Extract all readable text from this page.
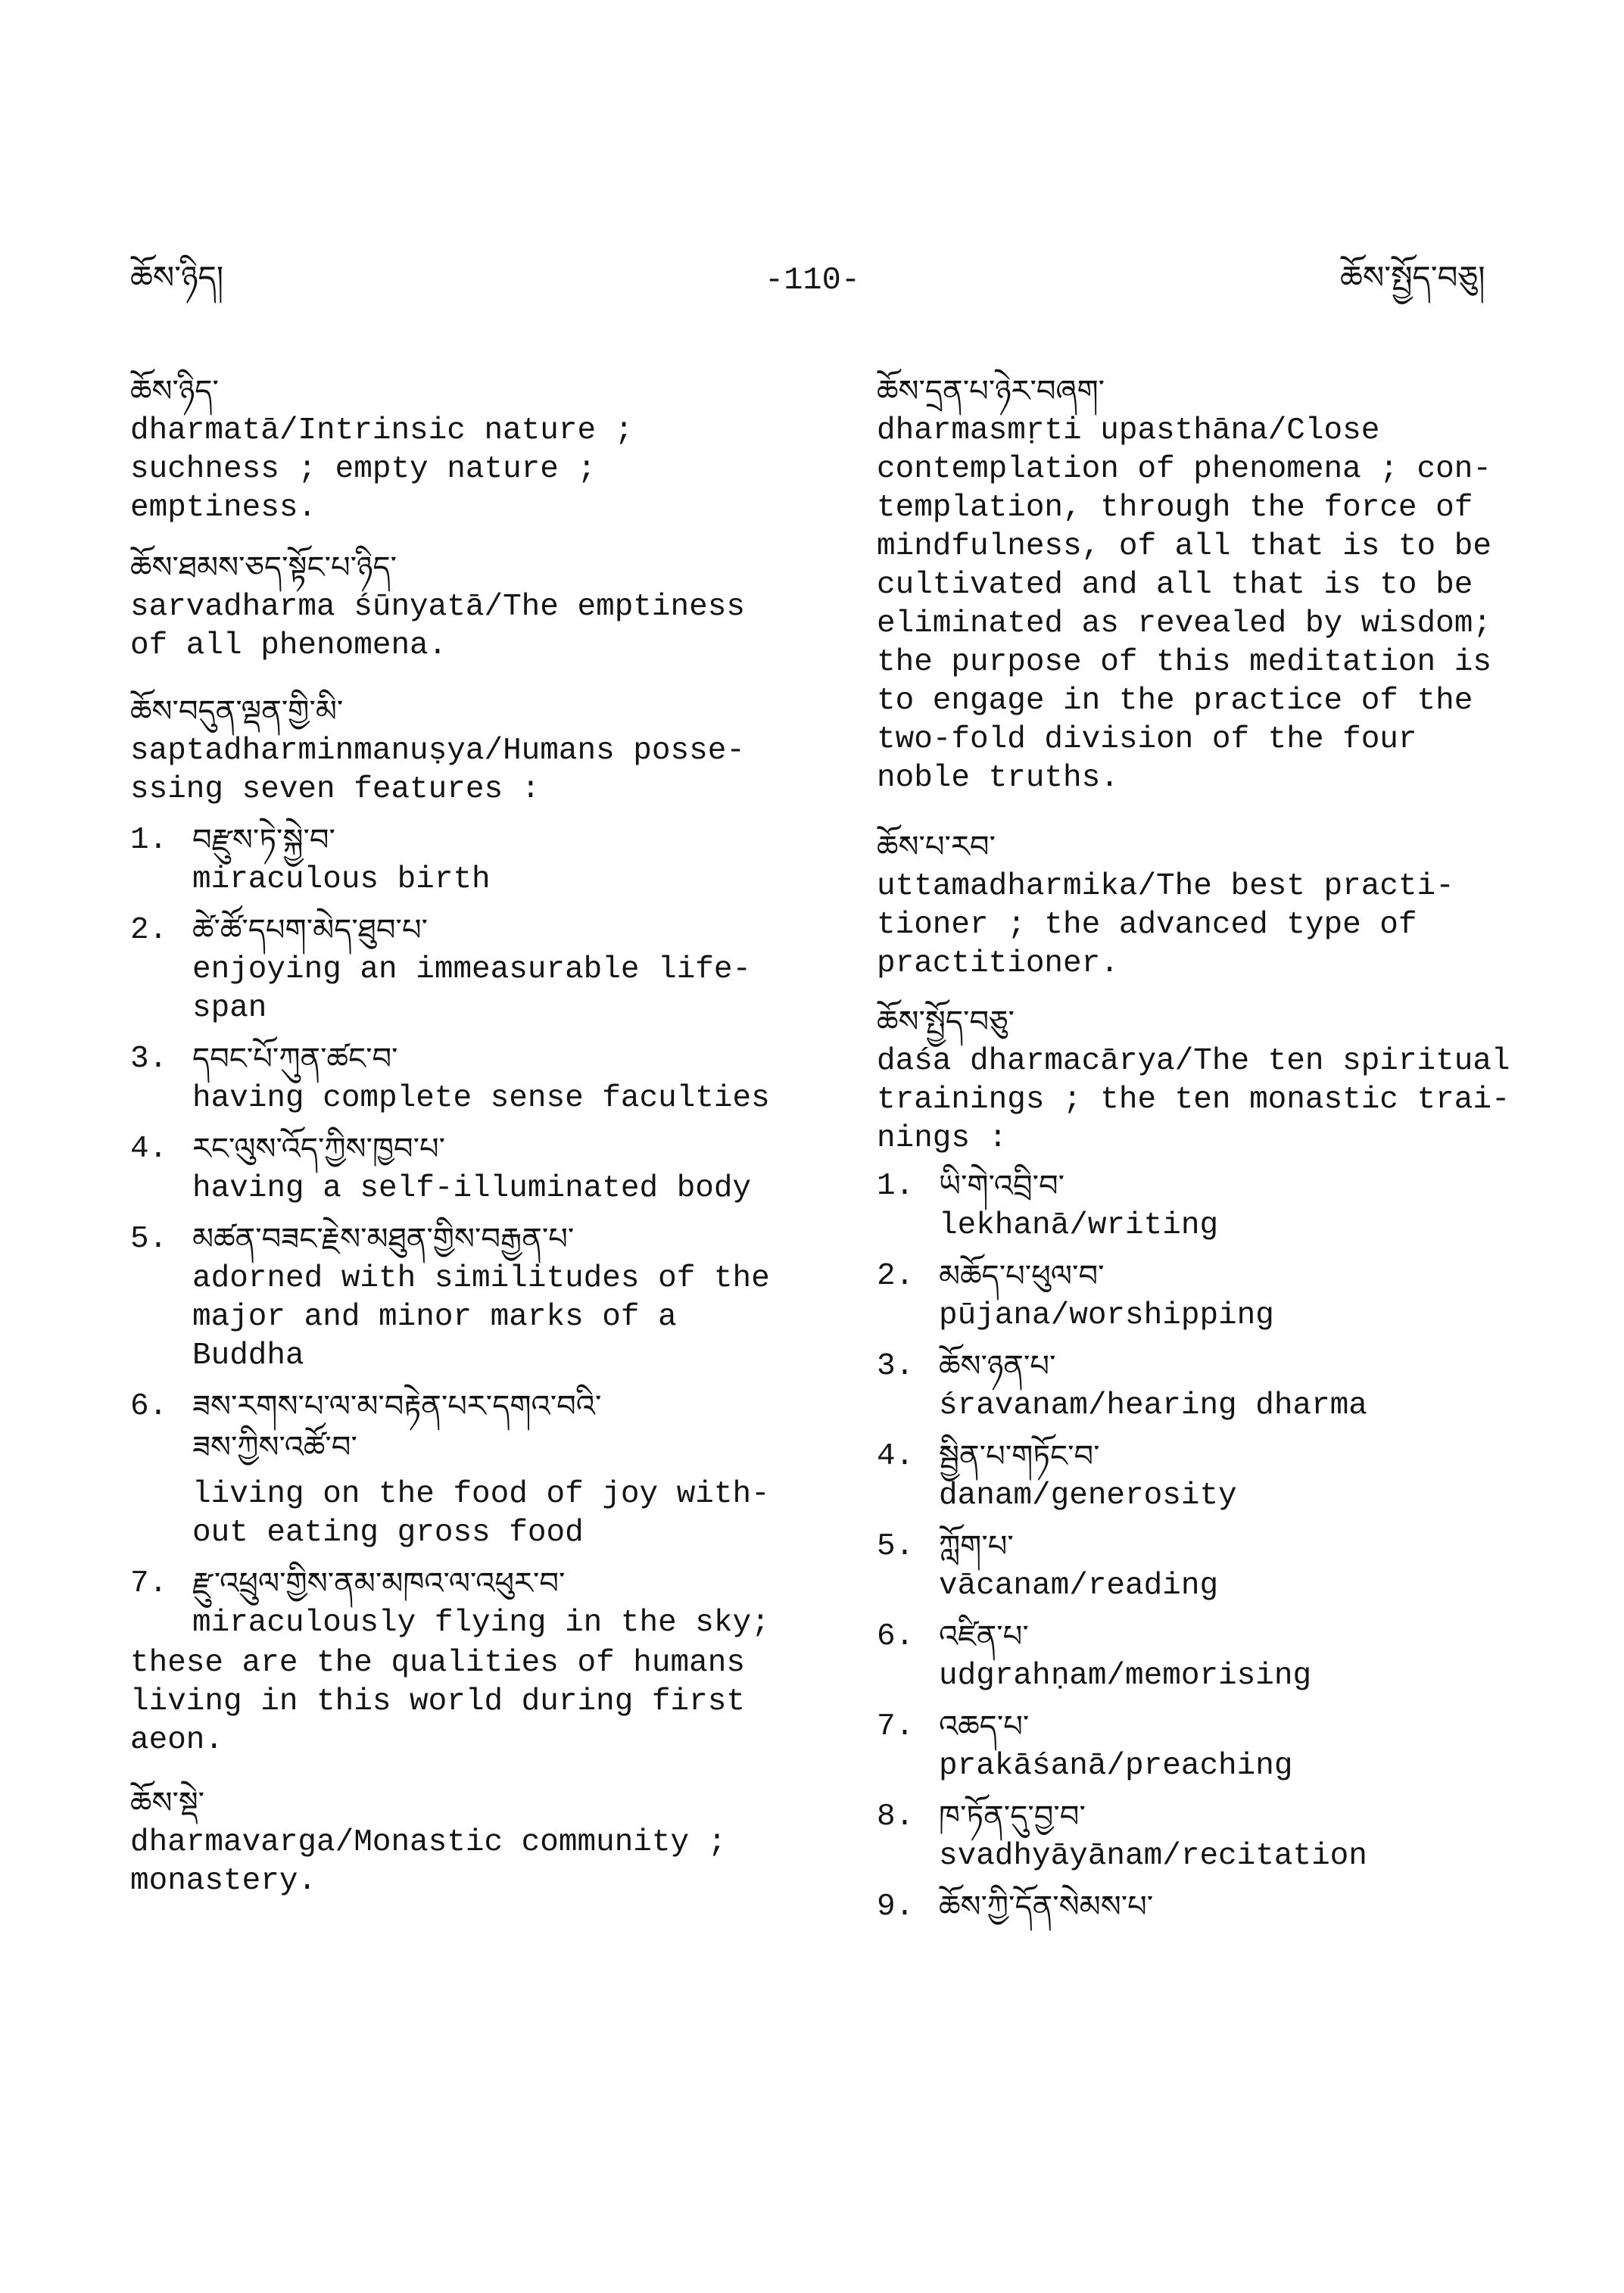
ཆོས་ཉིད།	-110-	ཆོས་སྤྱོད་བཅུ།
ཆོས་ཉིད་
dharmatā/Intrinsic nature ;
suchness ; empty nature ;
emptiness.
ཆོས་ཐམས་ཅད་སྟོང་པ་ཉིད་
sarvadharma śūnyatā/The emptiness
of all phenomena.
ཆོས་བདུན་ལྡན་གྱི་མི་
saptadharminmanuṣya/Humans posse-
ssing seven features :
1. བརྫུས་ཏེ་སྐྱེ་བ་
miraculous birth
2. ཚེ་ཚོ་དཔག་མེད་ཐུབ་པ་
enjoying an immeasurable life-
span
3. དབང་པོ་ཀུན་ཚང་བ་
having complete sense faculties
4. རང་ལུས་འོད་ཀྱིས་ཁྱབ་པ་
having a self-illuminated body
5. མཚན་བཟང་རྗེས་མཐུན་གྱིས་བརྒྱན་པ་
adorned with similitudes of the
major and minor marks of a
Buddha
6. ཟས་རགས་པ་ལ་མ་བརྟེན་པར་དགའ་བའི་
ཟས་ཀྱིས་འཚོ་བ་
living on the food of joy with-
out eating gross food
7. རྫུ་འཕྲུལ་གྱིས་ནམ་མཁའ་ལ་འཕུར་བ་
miraculously flying in the sky;
these are the qualities of humans
living in this world during first
aeon.
ཆོས་སྡེ་
dharmavarga/Monastic community ;
monastery.
ཆོས་དྲན་པ་ཉེར་བཞག་
dharmasmṛti upasthāna/Close
contemplation of phenomena ; con-
templation, through the force of
mindfulness, of all that is to be
cultivated and all that is to be
eliminated as revealed by wisdom;
the purpose of this meditation is
to engage in the practice of the
two-fold division of the four
noble truths.
ཆོས་པ་རབ་
uttamadharmika/The best practi-
tioner ; the advanced type of
practitioner.
ཆོས་སྤྱོད་བཅུ་
daśa dharmacārya/The ten spiritual
trainings ; the ten monastic trai-
nings :
1. ཡི་གེ་འབྲི་བ་
lekhanā/writing
2. མཆོད་པ་ཕུལ་བ་
pūjana/worshipping
3. ཆོས་ཉན་པ་
śravanam/hearing dharma
4. སྦྱིན་པ་གཏོང་བ་
danam/generosity
5. ཀློག་པ་
vācanam/reading
6. འཛིན་པ་
udgrahṇam/memorising
7. འཆད་པ་
prakāśanā/preaching
8. ཁ་ཏོན་དུ་བྱ་བ་
svadhyāyānam/recitation
9. ཆོས་ཀྱི་དོན་སེམས་པ་
